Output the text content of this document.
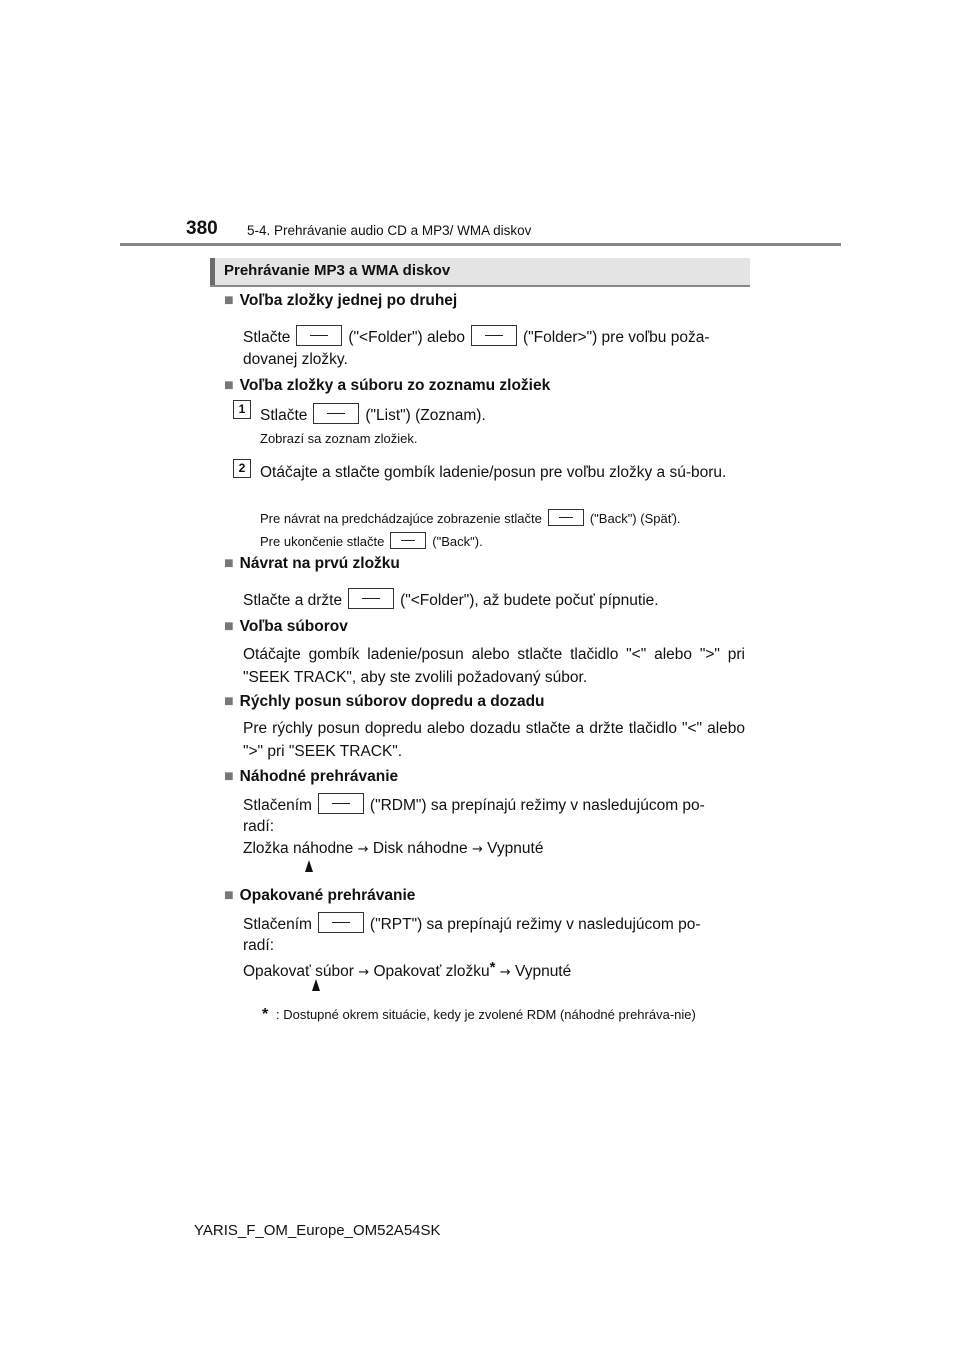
380 5-4. Prehrávanie audio CD a MP3/ WMA diskov
Prehrávanie MP3 a WMA diskov
■ Voľba zložky jednej po druhej
Stlačte	("<Folder") alebo	("Folder>") pre voľbu poža-
dovanej zložky.
■ Voľba zložky a súboru zo zoznamu zložiek
1 Stlačte	("List") (Zoznam).
Zobrazí sa zoznam zložiek.
2 Otáčajte a stlačte gombík ladenie/posun pre voľbu zložky a sú-boru.
Pre návrat na predchádzajúce zobrazenie stlačte	("Back") (Späť).
Pre ukončenie stlačte	("Back").
■ Návrat na prvú zložku
Stlačte a držte	("<Folder"), až budete počuť pípnutie.
■ Voľba súborov
Otáčajte gombík ladenie/posun alebo stlačte tlačidlo "<" alebo ">" pri "SEEK TRACK", aby ste zvolili požadovaný súbor.
■ Rýchly posun súborov dopredu a dozadu
Pre rýchly posun dopredu alebo dozadu stlačte a držte tlačidlo "<" alebo ">" pri "SEEK TRACK".
■ Náhodné prehrávanie
Stlačením	("RDM") sa prepínajú režimy v nasledujúcom po-
radí:
Zložka náhodne → Disk náhodne → Vypnuté
■ Opakované prehrávanie
Stlačením	("RPT") sa prepínajú režimy v nasledujúcom po-
radí:
Opakovať súbor → Opakovať zložku* → Vypnuté
* : Dostupné okrem situácie, kedy je zvolené RDM (náhodné prehráva-nie)
YARIS_F_OM_Europe_OM52A54SK
